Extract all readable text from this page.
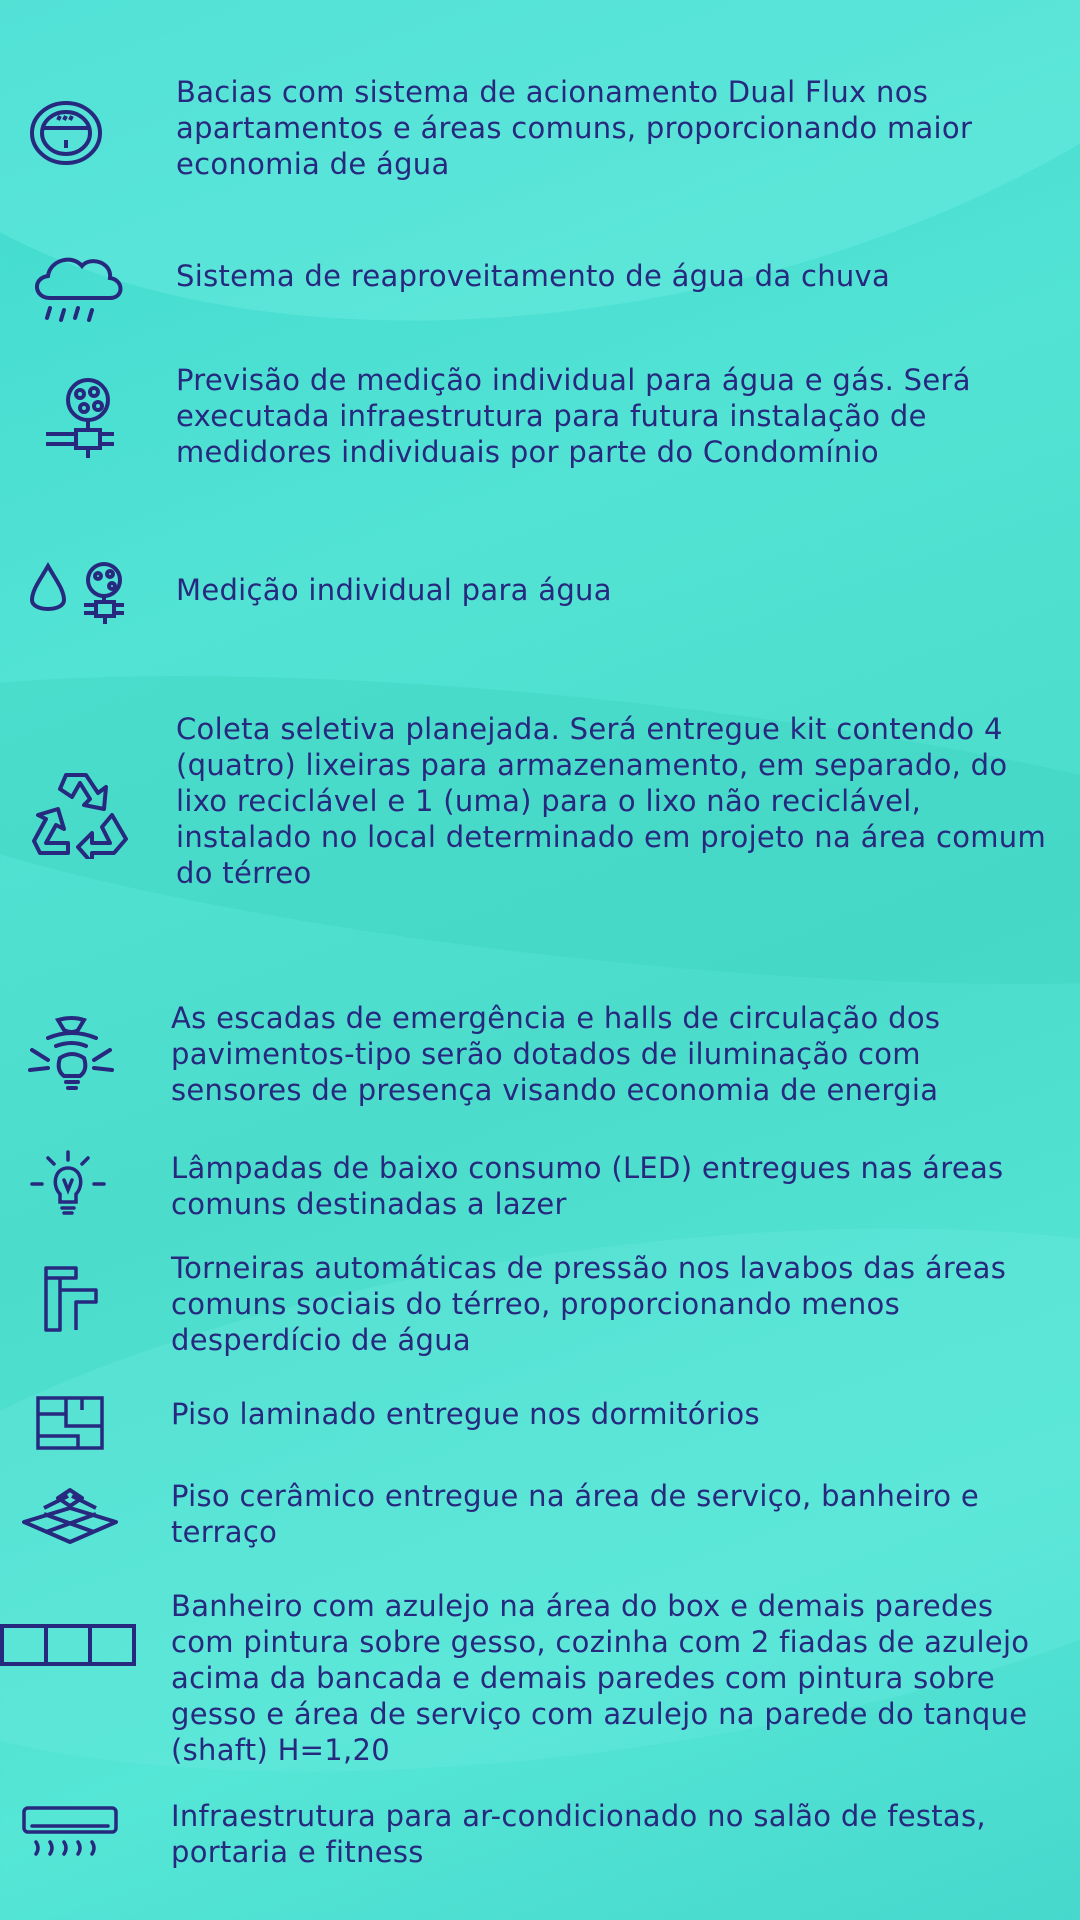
Bacias com sistema de acionamento Dual Flux nos apartamentos e áreas comuns, proporcionando maior economia de água

Sistema de reaproveitamento de água da chuva

Previsão de medição individual para água e gás. Será executada infraestrutura para futura instalação de medidores individuais por parte do Condomínio

Medição individual para água

Coleta seletiva planejada. Será entregue kit contendo 4 (quatro) lixeiras para armazenamento, em separado, do lixo reciclável e 1 (uma) para o lixo não reciclável, instalado no local determinado em projeto na área comum do térreo

As escadas de emergência e halls de circulação dos pavimentos-tipo serão dotados de iluminação com sensores de presença visando economia de energia

Lâmpadas de baixo consumo (LED) entregues nas áreas comuns destinadas a lazer

Torneiras automáticas de pressão nos lavabos das áreas comuns sociais do térreo, proporcionando menos desperdício de água

Piso laminado entregue nos dormitórios

Piso cerâmico entregue na área de serviço, banheiro e terraço

Banheiro com azulejo na área do box e demais paredes com pintura sobre gesso, cozinha com 2 fiadas de azulejo acima da bancada e demais paredes com pintura sobre gesso e área de serviço com azulejo na parede do tanque (shaft) H=1,20

Infraestrutura para ar-condicionado no salão de festas, portaria e fitness
